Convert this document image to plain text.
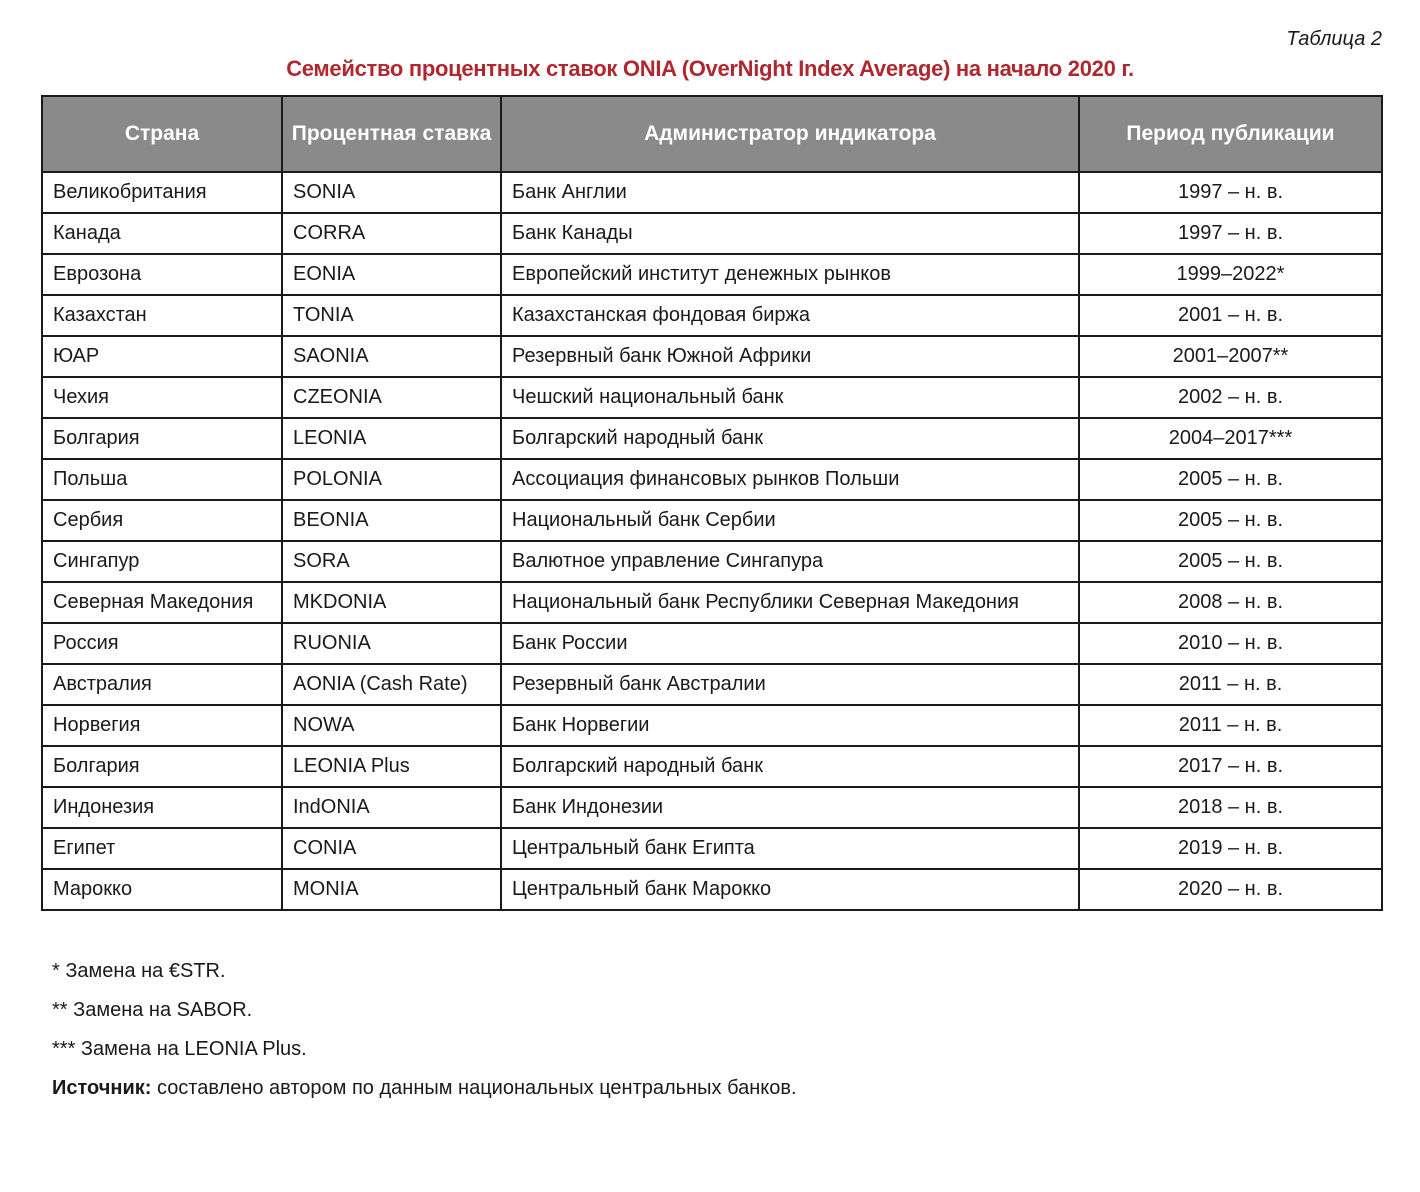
Таблица 2
Семейство процентных ставок ONIA (OverNight Index Average) на начало 2020 г.
Страна	Процентная ставка	Администратор индикатора	Период публикации
Великобритания	SONIA	Банк Англии	1997 – н. в.
Канада	CORRA	Банк Канады	1997 – н. в.
Еврозона	EONIA	Европейский институт денежных рынков	1999–2022*
Казахстан	TONIA	Казахстанская фондовая биржа	2001 – н. в.
ЮАР	SAONIA	Резервный банк Южной Африки	2001–2007**
Чехия	CZEONIA	Чешский национальный банк	2002 – н. в.
Болгария	LEONIA	Болгарский народный банк	2004–2017***
Польша	POLONIA	Ассоциация финансовых рынков Польши	2005 – н. в.
Сербия	BEONIA	Национальный банк Сербии	2005 – н. в.
Сингапур	SORA	Валютное управление Сингапура	2005 – н. в.
Северная Македония	MKDONIA	Национальный банк Республики Северная Македония	2008 – н. в.
Россия	RUONIA	Банк России	2010 – н. в.
Австралия	AONIA (Cash Rate)	Резервный банк Австралии	2011 – н. в.
Норвегия	NOWA	Банк Норвегии	2011 – н. в.
Болгария	LEONIA Plus	Болгарский народный банк	2017 – н. в.
Индонезия	IndONIA	Банк Индонезии	2018 – н. в.
Египет	CONIA	Центральный банк Египта	2019 – н. в.
Марокко	MONIA	Центральный банк Марокко	2020 – н. в.
* Замена на €STR.
** Замена на SABOR.
*** Замена на LEONIA Plus.
Источник: составлено автором по данным национальных центральных банков.
